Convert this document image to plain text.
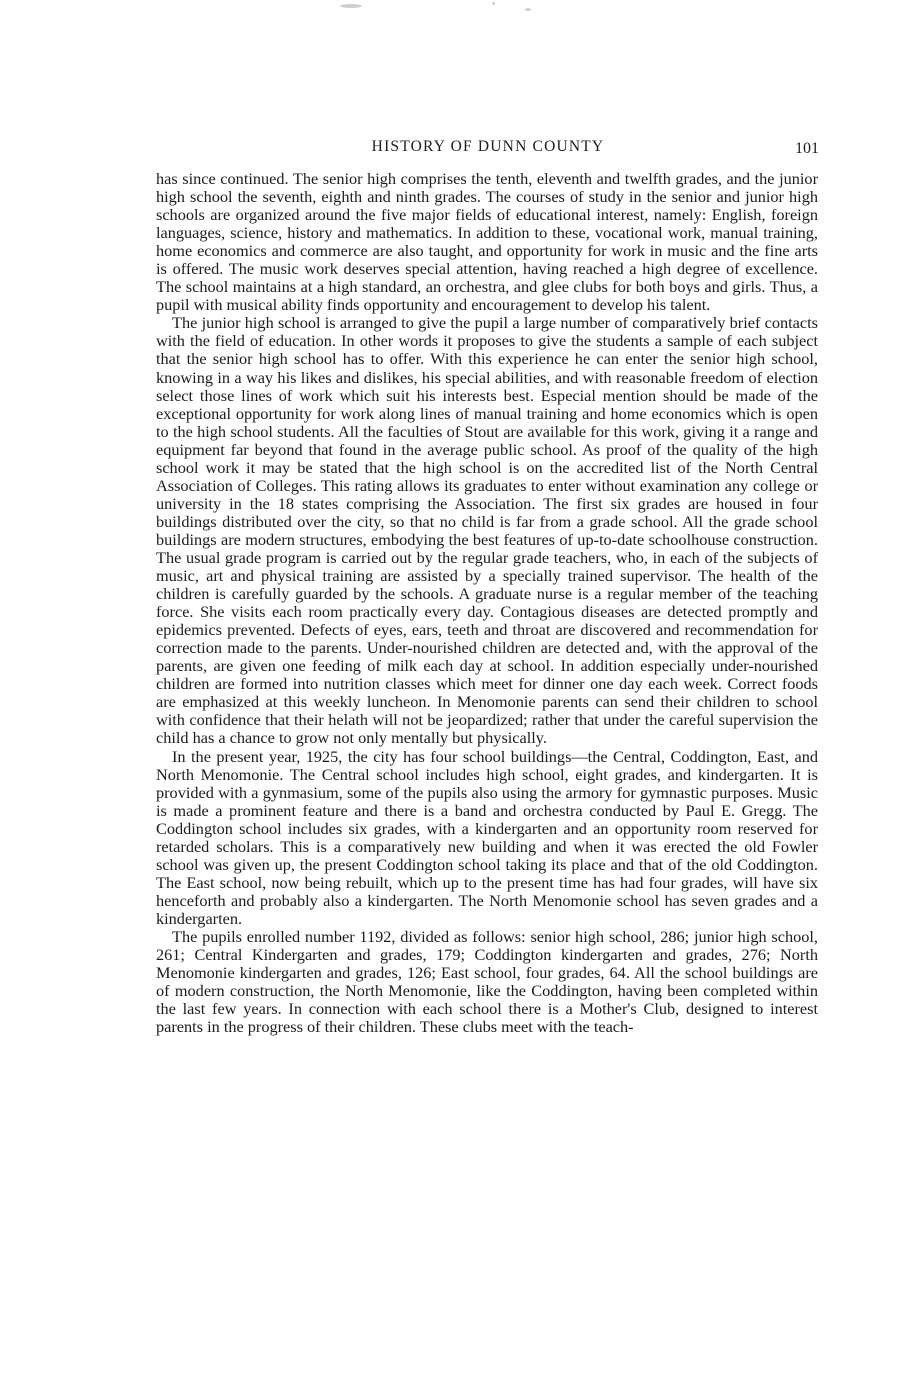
HISTORY OF DUNN COUNTY	101

has since continued. The senior high comprises the tenth, eleventh and twelfth grades, and the junior high school the seventh, eighth and ninth grades. The courses of study in the senior and junior high schools are organized around the five major fields of educational interest, namely: English, foreign languages, science, history and mathematics. In addition to these, vocational work, manual training, home economics and commerce are also taught, and opportunity for work in music and the fine arts is offered. The music work deserves special attention, having reached a high degree of excellence. The school maintains at a high standard, an orchestra, and glee clubs for both boys and girls. Thus, a pupil with musical ability finds opportunity and encouragement to develop his talent.

The junior high school is arranged to give the pupil a large number of comparatively brief contacts with the field of education. In other words it proposes to give the students a sample of each subject that the senior high school has to offer. With this experience he can enter the senior high school, knowing in a way his likes and dislikes, his special abilities, and with reasonable freedom of election select those lines of work which suit his interests best. Especial mention should be made of the exceptional opportunity for work along lines of manual training and home economics which is open to the high school students. All the faculties of Stout are available for this work, giving it a range and equipment far beyond that found in the average public school. As proof of the quality of the high school work it may be stated that the high school is on the accredited list of the North Central Association of Colleges. This rating allows its graduates to enter without examination any college or university in the 18 states comprising the Association. The first six grades are housed in four buildings distributed over the city, so that no child is far from a grade school. All the grade school buildings are modern structures, embodying the best features of up-to-date schoolhouse construction. The usual grade program is carried out by the regular grade teachers, who, in each of the subjects of music, art and physical training are assisted by a specially trained supervisor. The health of the children is carefully guarded by the schools. A graduate nurse is a regular member of the teaching force. She visits each room practically every day. Contagious diseases are detected promptly and epidemics prevented. Defects of eyes, ears, teeth and throat are discovered and recommendation for correction made to the parents. Under-nourished children are detected and, with the approval of the parents, are given one feeding of milk each day at school. In addition especially under-nourished children are formed into nutrition classes which meet for dinner one day each week. Correct foods are emphasized at this weekly luncheon. In Menomonie parents can send their children to school with confidence that their helath will not be jeopardized; rather that under the careful supervision the child has a chance to grow not only mentally but physically.

In the present year, 1925, the city has four school buildings—the Central, Coddington, East, and North Menomonie. The Central school includes high school, eight grades, and kindergarten. It is provided with a gynmasium, some of the pupils also using the armory for gymnastic purposes. Music is made a prominent feature and there is a band and orchestra conducted by Paul E. Gregg. The Coddington school includes six grades, with a kindergarten and an opportunity room reserved for retarded scholars. This is a comparatively new building and when it was erected the old Fowler school was given up, the present Coddington school taking its place and that of the old Coddington. The East school, now being rebuilt, which up to the present time has had four grades, will have six henceforth and probably also a kindergarten. The North Menomonie school has seven grades and a kindergarten.

The pupils enrolled number 1192, divided as follows: senior high school, 286; junior high school, 261; Central Kindergarten and grades, 179; Coddington kindergarten and grades, 276; North Menomonie kindergarten and grades, 126; East school, four grades, 64. All the school buildings are of modern construction, the North Menomonie, like the Coddington, having been completed within the last few years. In connection with each school there is a Mother's Club, designed to interest parents in the progress of their children. These clubs meet with the teach-
